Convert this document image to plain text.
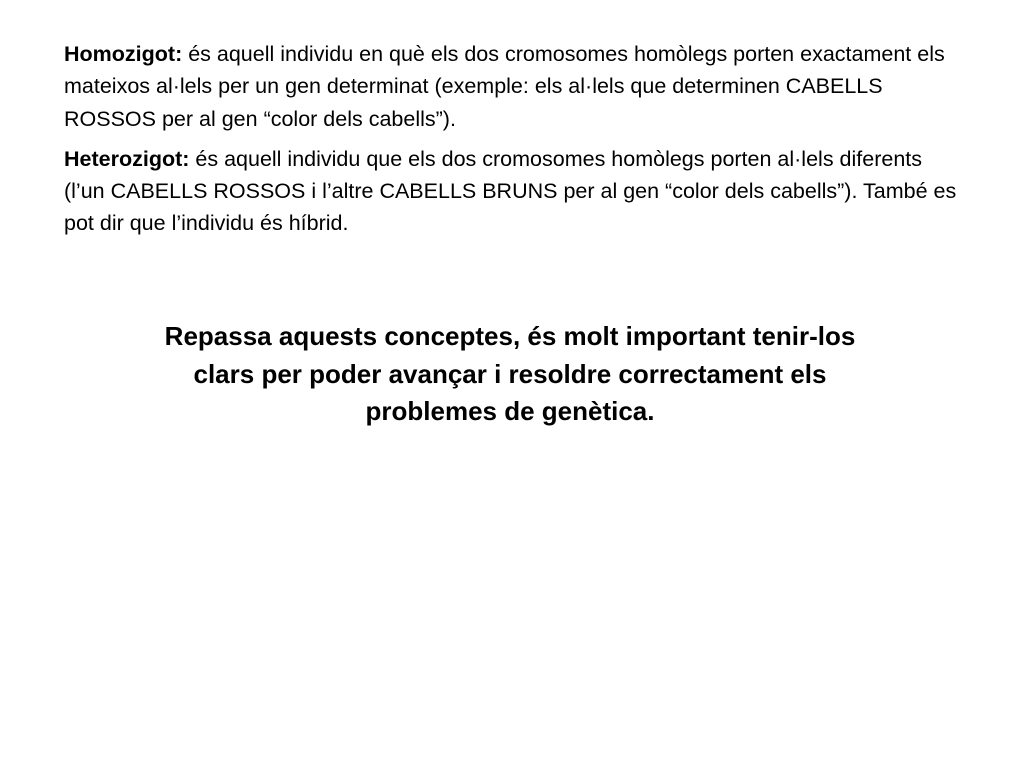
Homozigot: és aquell individu en què els dos cromosomes homòlegs porten exactament els mateixos al·lels per un gen determinat (exemple: els al·lels que determinen CABELLS ROSSOS per al gen “color dels cabells”).

Heterozigot: és aquell individu que els dos cromosomes homòlegs porten al·lels diferents (l’un CABELLS ROSSOS i l’altre CABELLS BRUNS per al gen “color dels cabells”). També es pot dir que l’individu és híbrid.

Repassa aquests conceptes, és molt important tenir-los clars per poder avançar i resoldre correctament els problemes de genètica.
